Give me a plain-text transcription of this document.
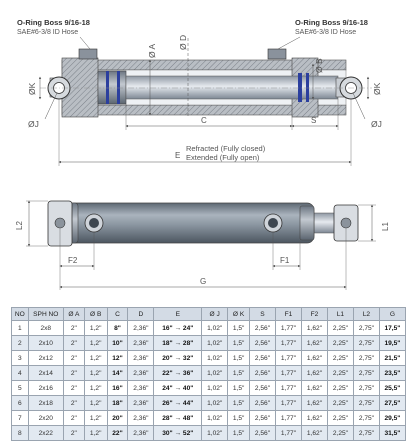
O-Ring Boss 9/16-18
SAE#6-3/8 ID Hose
O-Ring Boss 9/16-18
SAE#6-3/8 ID Hose
Ø A
Ø D
Ø B
ØK	ØK
ØJ	ØJ
C	S
E
Refracted (Fully closed)
Extended (Fully open)
L2	L1
F2	F1
G
NO	SPH NO	Ø A	Ø B	C	D	E	Ø J	Ø K	S	F1	F2	L1	L2	G
1	2x8	2"	1,2"	8"	2,36"	16" → 24"	1,02"	1,5"	2,56"	1,77"	1,62"	2,25"	2,75"	17,5"
2	2x10	2"	1,2"	10"	2,36"	18" → 28"	1,02"	1,5"	2,56"	1,77"	1,62"	2,25"	2,75"	19,5"
3	2x12	2"	1,2"	12"	2,36"	20" → 32"	1,02"	1,5"	2,56"	1,77"	1,62"	2,25"	2,75"	21,5"
4	2x14	2"	1,2"	14"	2,36"	22" → 36"	1,02"	1,5"	2,56"	1,77"	1,62"	2,25"	2,75"	23,5"
5	2x16	2"	1,2"	16"	2,36"	24" → 40"	1,02"	1,5"	2,56"	1,77"	1,62"	2,25"	2,75"	25,5"
6	2x18	2"	1,2"	18"	2,36"	26" → 44"	1,02"	1,5"	2,56"	1,77"	1,62"	2,25"	2,75"	27,5"
7	2x20	2"	1,2"	20"	2,36"	28" → 48"	1,02"	1,5"	2,56"	1,77"	1,62"	2,25"	2,75"	29,5"
8	2x22	2"	1,2"	22"	2,36"	30" → 52"	1,02"	1,5"	2,56"	1,77"	1,62"	2,25"	2,75"	31,5"
